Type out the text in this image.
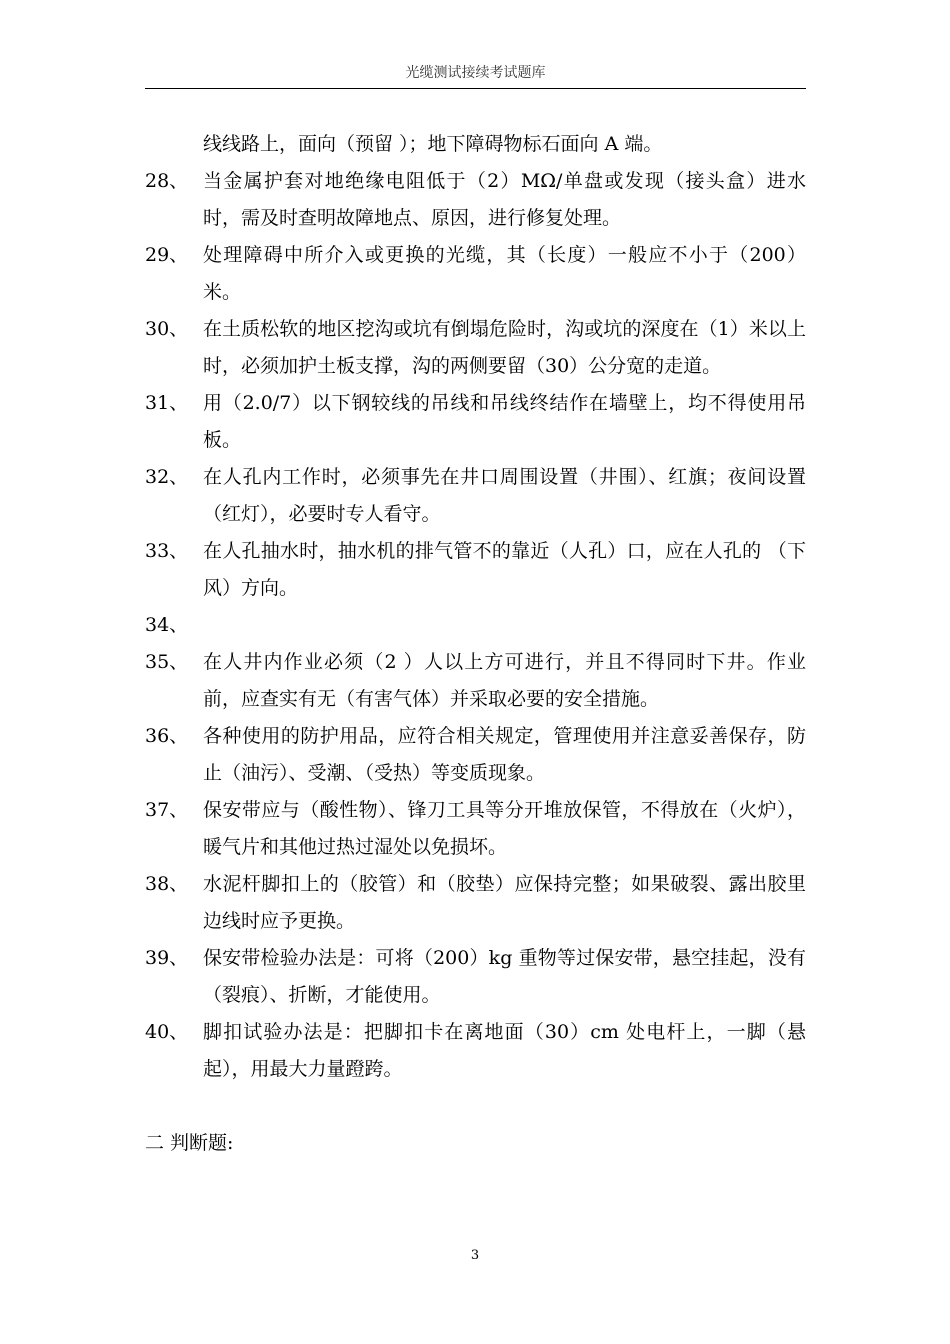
光缆测试接续考试题库
线线路上，面向（预留 ）；地下障碍物标石面向 A 端。
28、 当金属护套对地绝缘电阻低于（2）MΩ/单盘或发现（接头盒）进水时，需及时查明故障地点、原因，进行修复处理。
29、 处理障碍中所介入或更换的光缆，其（长度）一般应不小于（200）米。
30、 在土质松软的地区挖沟或坑有倒塌危险时，沟或坑的深度在（1）米以上时，必须加护土板支撑，沟的两侧要留（30）公分宽的走道。
31、 用（2.0/7）以下钢较线的吊线和吊线终结作在墙壁上，均不得使用吊板。
32、 在人孔内工作时，必须事先在井口周围设置（井围）、红旗；夜间设置（红灯），必要时专人看守。
33、 在人孔抽水时，抽水机的排气管不的靠近（人孔）口，应在人孔的 （下风）方向。
34、
35、 在人井内作业必须（2 ）人以上方可进行，并且不得同时下井。作业前，应查实有无（有害气体）并采取必要的安全措施。
36、 各种使用的防护用品，应符合相关规定，管理使用并注意妥善保存，防止（油污）、受潮、（受热）等变质现象。
37、 保安带应与（酸性物）、锋刀工具等分开堆放保管，不得放在（火炉），暖气片和其他过热过湿处以免损坏。
38、 水泥杆脚扣上的（胶管）和（胶垫）应保持完整；如果破裂、露出胶里边线时应予更换。
39、 保安带检验办法是：可将（200）kg 重物等过保安带，悬空挂起，没有（裂痕）、折断，才能使用。
40、 脚扣试验办法是：把脚扣卡在离地面（30）cm 处电杆上，一脚（悬起），用最大力量蹬跨。
二 判断题:
3
